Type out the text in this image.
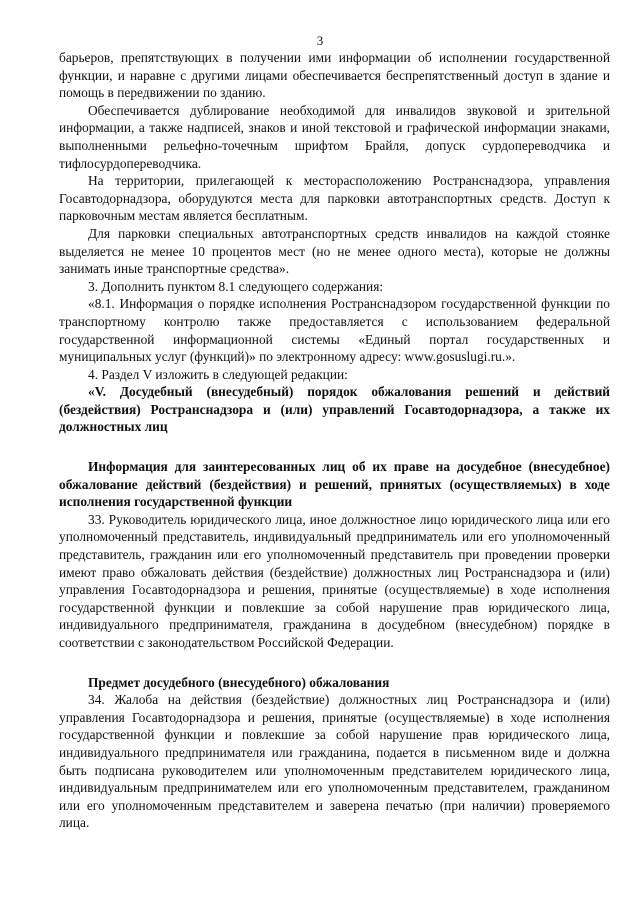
3

барьеров, препятствующих в получении ими информации об исполнении государственной функции, и наравне с другими лицами обеспечивается беспрепятственный доступ в здание и помощь в передвижении по зданию.

Обеспечивается дублирование необходимой для инвалидов звуковой и зрительной информации, а также надписей, знаков и иной текстовой и графической информации знаками, выполненными рельефно-точечным шрифтом Брайля, допуск сурдопереводчика и тифлосурдопереводчика.

На территории, прилегающей к месторасположению Ространснадзора, управления Госавтодорнадзора, оборудуются места для парковки автотранспортных средств. Доступ к парковочным местам является бесплатным.

Для парковки специальных автотранспортных средств инвалидов на каждой стоянке выделяется не менее 10 процентов мест (но не менее одного места), которые не должны занимать иные транспортные средства».

3. Дополнить пунктом 8.1 следующего содержания:

«8.1. Информация о порядке исполнения Ространснадзором государственной функции по транспортному контролю также предоставляется с использованием федеральной государственной информационной системы «Единый портал государственных и муниципальных услуг (функций)» по электронному адресу: www.gosuslugi.ru.».

4. Раздел V изложить в следующей редакции:

«V. Досудебный (внесудебный) порядок обжалования решений и действий (бездействия) Ространснадзора и (или) управлений Госавтодорнадзора, а также их должностных лиц

Информация для заинтересованных лиц об их праве на досудебное (внесудебное) обжалование действий (бездействия) и решений, принятых (осуществляемых) в ходе исполнения государственной функции

33. Руководитель юридического лица, иное должностное лицо юридического лица или его уполномоченный представитель, индивидуальный предприниматель или его уполномоченный представитель, гражданин или его уполномоченный представитель при проведении проверки имеют право обжаловать действия (бездействие) должностных лиц Ространснадзора и (или) управления Госавтодорнадзора и решения, принятые (осуществляемые) в ходе исполнения государственной функции и повлекшие за собой нарушение прав юридического лица, индивидуального предпринимателя, гражданина в досудебном (внесудебном) порядке в соответствии с законодательством Российской Федерации.

Предмет досудебного (внесудебного) обжалования

34. Жалоба на действия (бездействие) должностных лиц Ространснадзора и (или) управления Госавтодорнадзора и решения, принятые (осуществляемые) в ходе исполнения государственной функции и повлекшие за собой нарушение прав юридического лица, индивидуального предпринимателя или гражданина, подается в письменном виде и должна быть подписана руководителем или уполномоченным представителем юридического лица, индивидуальным предпринимателем или его уполномоченным представителем, гражданином или его уполномоченным представителем и заверена печатью (при наличии) проверяемого лица.
